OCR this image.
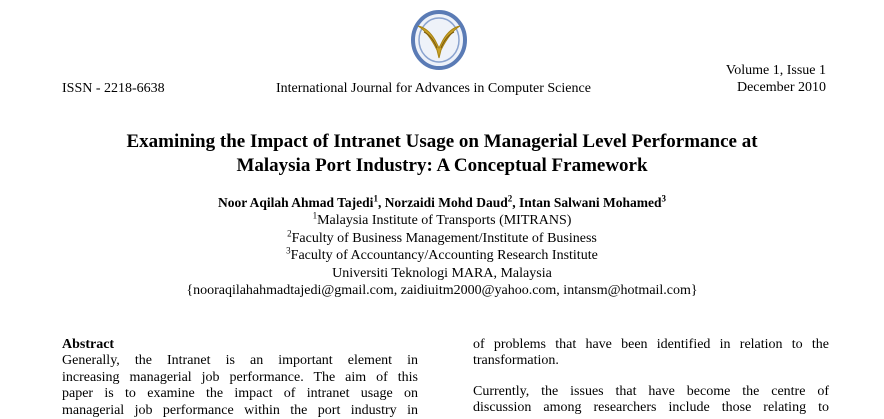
ISSN - 2218-6638	International Journal for Advances in Computer Science
Volume 1, Issue 1
December 2010
Examining the Impact of Intranet Usage on Managerial Level Performance at
Malaysia Port Industry: A Conceptual Framework
Noor Aqilah Ahmad Tajedi$^1$, Norzaidi Mohd Daud$^2$, Intan Salwani Mohamed$^3$
$^1$Malaysia Institute of Transports (MITRANS)
$^2$Faculty of Business Management/Institute of Business
$^3$Faculty of Accountancy/Accounting Research Institute
Universiti Teknologi MARA, Malaysia
{nooraqilahahmadtajedi@gmail.com, zaidiuitm2000@yahoo.com, intansm@hotmail.com}
Abstract
Generally, the Intranet is an important element in
increasing managerial job performance. The aim of this
paper is to examine the impact of intranet usage on
managerial job performance within the port industry in
of problems that have been identified in relation to the
transformation.
Currently, the issues that have become the centre of
discussion among researchers include those relating to
